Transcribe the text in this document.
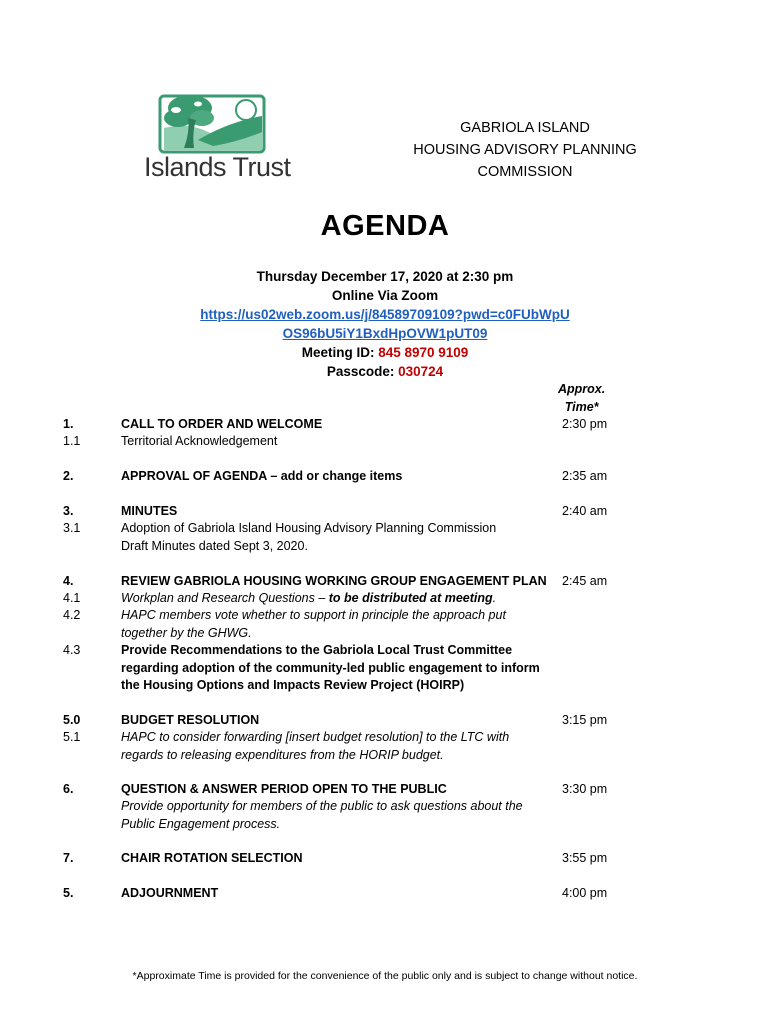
Islands Trust
GABRIOLA ISLAND
HOUSING ADVISORY PLANNING
COMMISSION
AGENDA
Thursday December 17, 2020 at 2:30 pm
Online Via Zoom
https://us02web.zoom.us/j/84589709109?pwd=c0FUbWpU
OS96bU5iY1BxdHpOVW1pUT09
Meeting ID: 845 8970 9109
Passcode: 030724
Approx.
Time*
1.	CALL TO ORDER AND WELCOME	2:30 pm
1.1	Territorial Acknowledgement
2.	APPROVAL OF AGENDA – add or change items	2:35 am
3.	MINUTES	2:40 am
3.1	Adoption of Gabriola Island Housing Advisory Planning Commission
Draft Minutes dated Sept 3, 2020.
4.	REVIEW GABRIOLA HOUSING WORKING GROUP ENGAGEMENT PLAN	2:45 am
4.1	Workplan and Research Questions – to be distributed at meeting.
4.2	HAPC members vote whether to support in principle the approach put
together by the GHWG.
4.3	Provide Recommendations to the Gabriola Local Trust Committee
regarding adoption of the community-led public engagement to inform
the Housing Options and Impacts Review Project (HOIRP)
5.0	BUDGET RESOLUTION	3:15 pm
5.1	HAPC to consider forwarding [insert budget resolution] to the LTC with
regards to releasing expenditures from the HORIP budget.
6.	QUESTION & ANSWER PERIOD OPEN TO THE PUBLIC	3:30 pm
Provide opportunity for members of the public to ask questions about the
Public Engagement process.
7.	CHAIR ROTATION SELECTION	3:55 pm
5.	ADJOURNMENT	4:00 pm
*Approximate Time is provided for the convenience of the public only and is subject to change without notice.
